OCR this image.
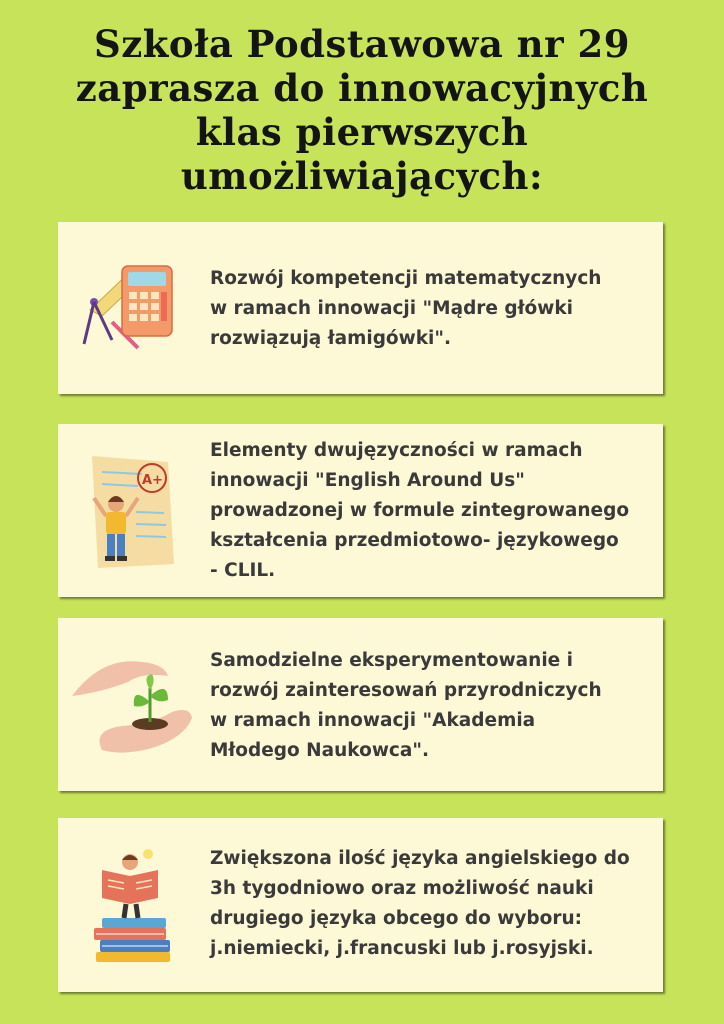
Szkoła Podstawowa nr 29
zaprasza do innowacyjnych
klas pierwszych
umożliwiających:
Rozwój kompetencji matematycznych
w ramach innowacji "Mądre główki
rozwiązują łamigówki".
A+
Elementy dwujęzyczności w ramach
innowacji "English Around Us"
prowadzonej w formule zintegrowanego
kształcenia przedmiotowo- językowego
- CLIL.
Samodzielne eksperymentowanie i
rozwój zainteresowań przyrodniczych
w ramach innowacji "Akademia
Młodego Naukowca".
Zwiększona ilość języka angielskiego do
3h tygodniowo oraz możliwość nauki
drugiego języka obcego do wyboru:
j.niemiecki, j.francuski lub j.rosyjski.
